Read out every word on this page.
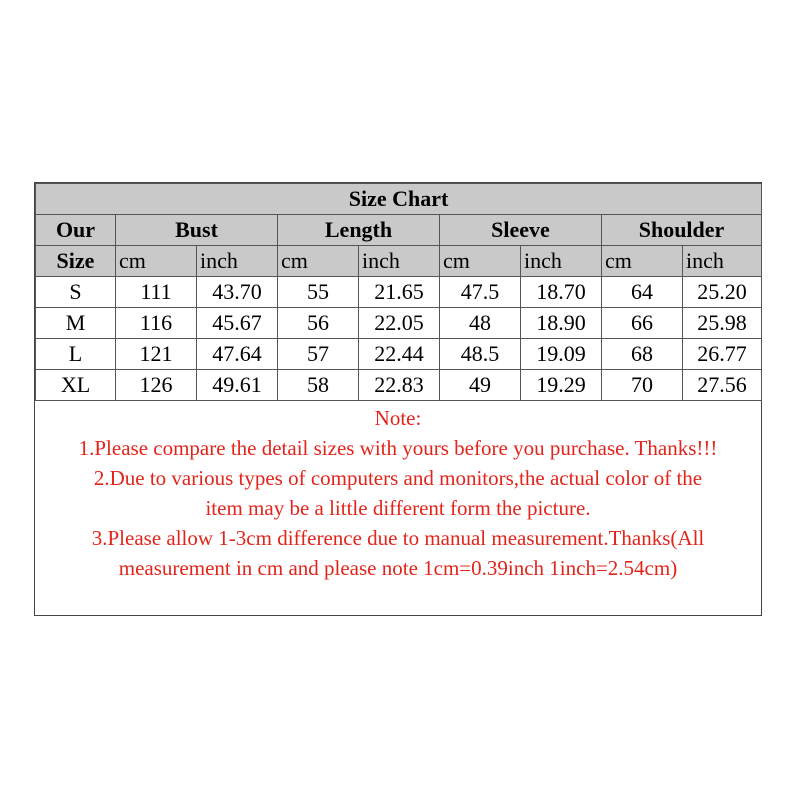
Size Chart								
Our	Bust		Length		Sleeve		Shoulder	
Size	cm	inch	cm	inch	cm	inch	cm	inch
S	111	43.70	55	21.65	47.5	18.70	64	25.20
M	116	45.67	56	22.05	48	18.90	66	25.98
L	121	47.64	57	22.44	48.5	19.09	68	26.77
XL	126	49.61	58	22.83	49	19.29	70	27.56
Note:
1.Please compare the detail sizes with yours before you purchase. Thanks!!!
2.Due to various types of computers and monitors,the actual color of the
item may be a little different form the picture.
3.Please allow 1-3cm difference due to manual measurement.Thanks(All
measurement in cm and please note 1cm=0.39inch 1inch=2.54cm)
